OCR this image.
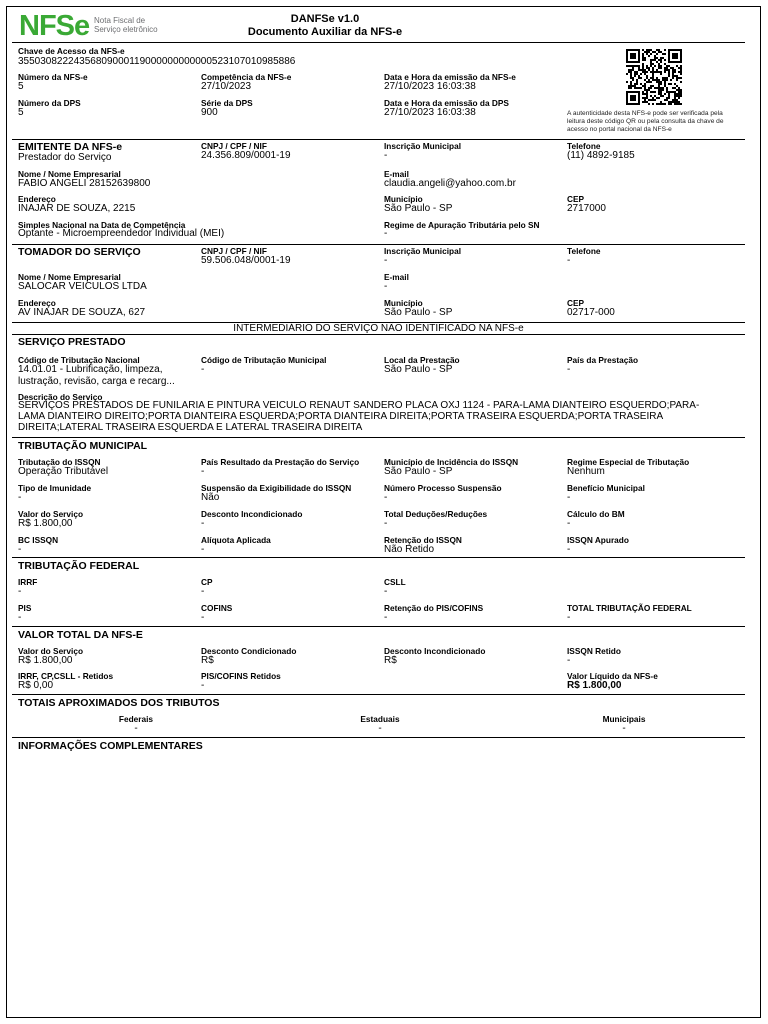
NFSe Nota Fiscal de
Serviço eletrônico
DANFSe v1.0
Documento Auxiliar da NFS-e
Chave de Acesso da NFS-e
35503082224356809000119000000000000523107010985886
Número da NFS-e
5
Competência da NFS-e
27/10/2023
Data e Hora da emissão da NFS-e
27/10/2023 16:03:38
Número da DPS
5
Série da DPS
900
Data e Hora da emissão da DPS
27/10/2023 16:03:38	A autenticidade desta NFS-e pode ser verificada pela leitura deste código QR ou pela consulta da chave de acesso no portal nacional da NFS-e
EMITENTE DA NFS-e
Prestador do Serviço
CNPJ / CPF / NIF
24.356.809/0001-19
Inscrição Municipal
-
Telefone
(11) 4892-9185
Nome / Nome Empresarial
FABIO ANGELI 28152639800
E-mail
claudia.angeli@yahoo.com.br
Endereço
INAJAR DE SOUZA, 2215
Município
São Paulo - SP
CEP
2717000
Simples Nacional na Data de Competência
Optante - Microempreendedor Individual (MEI)
Regime de Apuração Tributária pelo SN
-
TOMADOR DO SERVIÇO	CNPJ / CPF / NIF
59.506.048/0001-19
Inscrição Municipal
-
Telefone
-
Nome / Nome Empresarial
SALOCAR VEICULOS LTDA
E-mail
-
Endereço
AV INAJAR DE SOUZA, 627
Município
São Paulo - SP
CEP
02717-000
INTERMEDIÁRIO DO SERVIÇO NÃO IDENTIFICADO NA NFS-e
SERVIÇO PRESTADO
Código de Tributação Nacional
14.01.01 - Lubrificação, limpeza,
lustração, revisão, carga e recarg...
Código de Tributação Municipal
-
Local da Prestação
São Paulo - SP
País da Prestação
-
Descrição do Serviço
SERVIÇOS PRESTADOS DE FUNILARIA E PINTURA VEICULO RENAUT SANDERO PLACA OXJ 1124 - PARA-LAMA DIANTEIRO ESQUERDO;PARA-
LAMA DIANTEIRO DIREITO;PORTA DIANTEIRA ESQUERDA;PORTA DIANTEIRA DIREITA;PORTA TRASEIRA ESQUERDA;PORTA TRASEIRA
DIREITA;LATERAL TRASEIRA ESQUERDA E LATERAL TRASEIRA DIREITA
TRIBUTAÇÃO MUNICIPAL
Tributação do ISSQN
Operação Tributável
País Resultado da Prestação do Serviço
-
Município de Incidência do ISSQN
São Paulo - SP
Regime Especial de Tributação
Nenhum
Tipo de Imunidade
-
Suspensão da Exigibilidade do ISSQN
Não
Número Processo Suspensão
-
Benefício Municipal
-
Valor do Serviço
R$ 1.800,00
Desconto Incondicionado
-
Total Deduções/Reduções
-
Cálculo do BM
-
BC ISSQN
-
Alíquota Aplicada
-
Retenção do ISSQN
Não Retido
ISSQN Apurado
-
TRIBUTAÇÃO FEDERAL
IRRF
-
CP
-
CSLL
-
PIS
-
COFINS
-
Retenção do PIS/COFINS
-
TOTAL TRIBUTAÇÃO FEDERAL
-
VALOR TOTAL DA NFS-E
Valor do Serviço
R$ 1.800,00
Desconto Condicionado
R$
Desconto Incondicionado
R$
ISSQN Retido
-
IRRF, CP,CSLL - Retidos
R$ 0,00
PIS/COFINS Retidos
-
Valor Líquido da NFS-e
R$ 1.800,00
TOTAIS APROXIMADOS DOS TRIBUTOS
Federais
-
Estaduais
-
Municipais
-
INFORMAÇÕES COMPLEMENTARES
